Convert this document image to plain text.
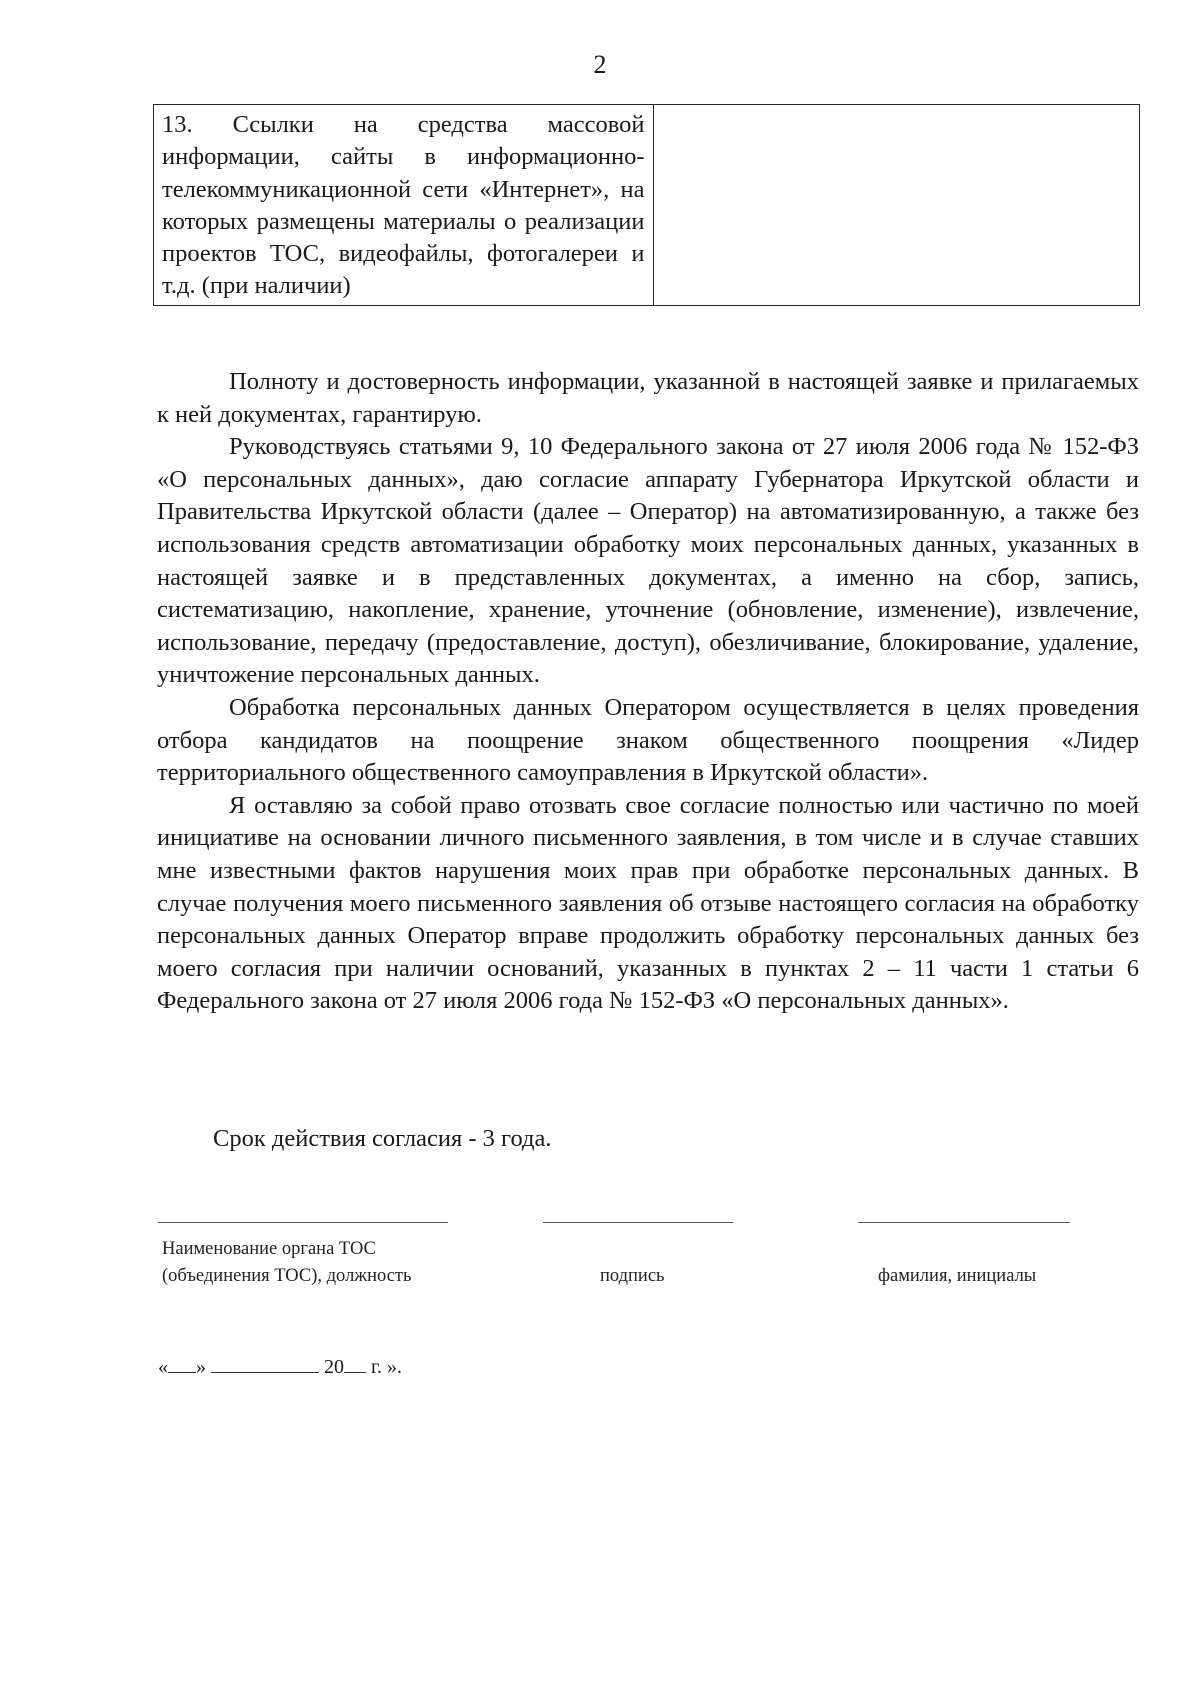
2
13. Ссылки на средства массовой информации, сайты в информационно-телекоммуникационной сети «Интернет», на которых размещены материалы о реализации проектов ТОС, видеофайлы, фотогалереи и т.д. (при наличии)	

Полноту и достоверность информации, указанной в настоящей заявке и прилагаемых к ней документах, гарантирую.

Руководствуясь статьями 9, 10 Федерального закона от 27 июля 2006 года № 152-ФЗ «О персональных данных», даю согласие аппарату Губернатора Иркутской области и Правительства Иркутской области (далее – Оператор) на автоматизированную, а также без использования средств автоматизации обработку моих персональных данных, указанных в настоящей заявке и в представленных документах, а именно на сбор, запись, систематизацию, накопление, хранение, уточнение (обновление, изменение), извлечение, использование, передачу (предоставление, доступ), обезличивание, блокирование, удаление, уничтожение персональных данных.

Обработка персональных данных Оператором осуществляется в целях проведения отбора кандидатов на поощрение знаком общественного поощрения «Лидер территориального общественного самоуправления в Иркутской области».

Я оставляю за собой право отозвать свое согласие полностью или частично по моей инициативе на основании личного письменного заявления, в том числе и в случае ставших мне известными фактов нарушения моих прав при обработке персональных данных. В случае получения моего письменного заявления об отзыве настоящего согласия на обработку персональных данных Оператор вправе продолжить обработку персональных данных без моего согласия при наличии оснований, указанных в пунктах 2 – 11 части 1 статьи 6 Федерального закона от 27 июля 2006 года № 152-ФЗ «О персональных данных».

Срок действия согласия - 3 года.
Наименование органа ТОС
(объединения ТОС), должность	подпись	фамилия, инициалы
« »	20 г. ».
